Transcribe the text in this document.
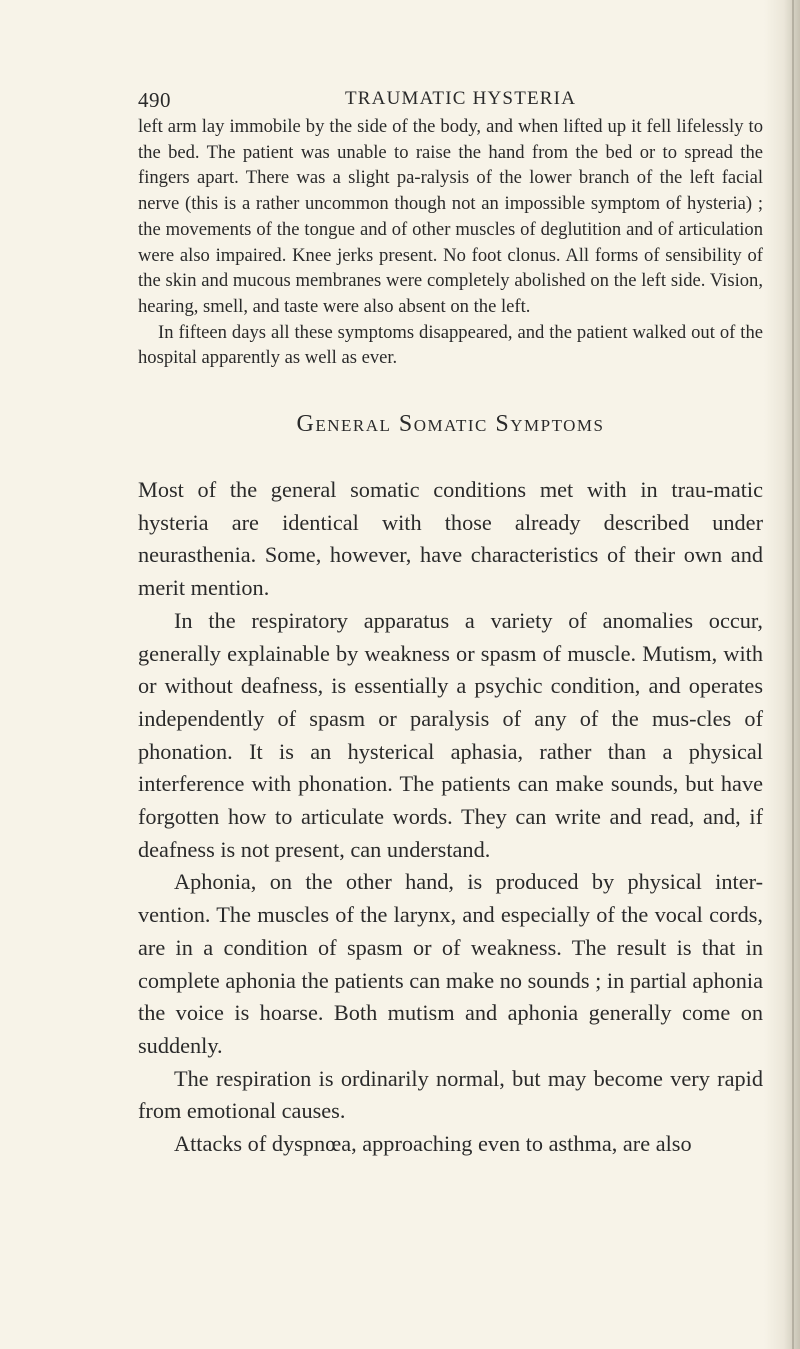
490	TRAUMATIC HYSTERIA

left arm lay immobile by the side of the body, and when lifted up it fell lifelessly to the bed. The patient was unable to raise the hand from the bed or to spread the fingers apart. There was a slight pa-ralysis of the lower branch of the left facial nerve (this is a rather uncommon though not an impossible symptom of hysteria) ; the movements of the tongue and of other muscles of deglutition and of articulation were also impaired. Knee jerks present. No foot clonus. All forms of sensibility of the skin and mucous membranes were completely abolished on the left side. Vision, hearing, smell, and taste were also absent on the left.

In fifteen days all these symptoms disappeared, and the patient walked out of the hospital apparently as well as ever.

General Somatic Symptoms

Most of the general somatic conditions met with in trau-matic hysteria are identical with those already described under neurasthenia. Some, however, have characteristics of their own and merit mention.

In the respiratory apparatus a variety of anomalies occur, generally explainable by weakness or spasm of muscle. Mutism, with or without deafness, is essentially a psychic condition, and operates independently of spasm or paralysis of any of the mus-cles of phonation. It is an hysterical aphasia, rather than a physical interference with phonation. The patients can make sounds, but have forgotten how to articulate words. They can write and read, and, if deafness is not present, can understand.

Aphonia, on the other hand, is produced by physical inter-vention. The muscles of the larynx, and especially of the vocal cords, are in a condition of spasm or of weakness. The result is that in complete aphonia the patients can make no sounds ; in partial aphonia the voice is hoarse. Both mutism and aphonia generally come on suddenly.

The respiration is ordinarily normal, but may become very rapid from emotional causes.

Attacks of dyspnœa, approaching even to asthma, are also
